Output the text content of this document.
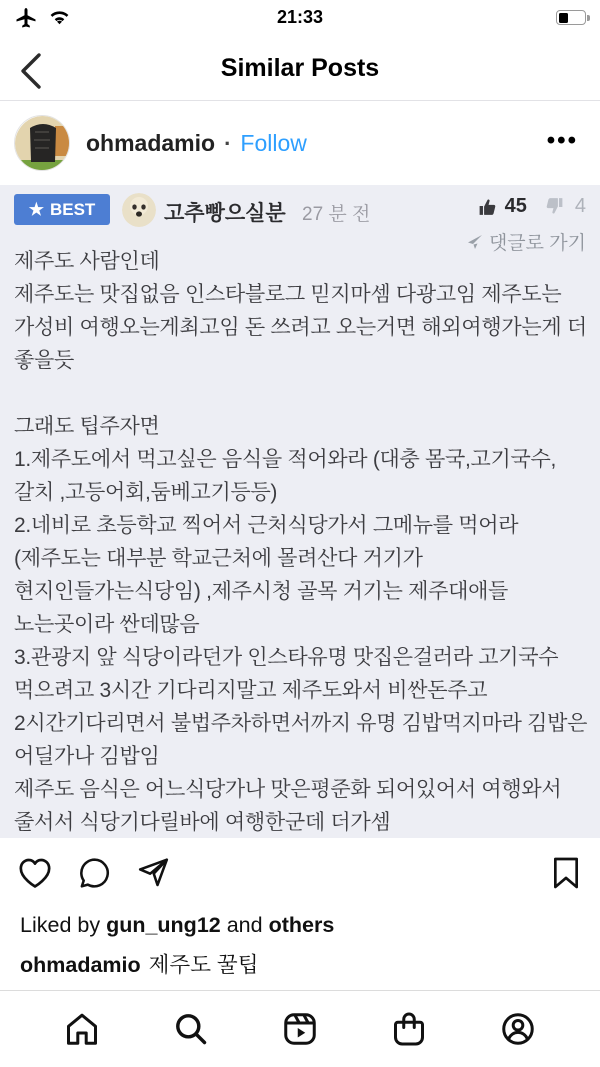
21:33
Similar Posts
ohmadamio · Follow	•••
★ BEST	고추빵으실분 27 분 전	45 4
댓글로 가기

제주도 사람인데

제주도는 맛집없음 인스타블로그 믿지마셈 다광고임 제주도는 가성비 여행오는게최고임 돈 쓰려고 오는거면 해외여행가는게 더 좋을듯

그래도 팁주자면

1.제주도에서 먹고싶은 음식을 적어와라 (대충 몸국,고기국수,갈치 ,고등어회,둠베고기등등)

2.네비로 초등학교 찍어서 근처식당가서 그메뉴를 먹어라(제주도는 대부분 학교근처에 몰려산다 거기가 현지인들가는식당임) ,제주시청 골목 거기는 제주대애들 노는곳이라 싼데많음

3.관광지 앞 식당이라던가 인스타유명 맛집은걸러라 고기국수 먹으려고 3시간 기다리지말고 제주도와서 비싼돈주고 2시간기다리면서 불법주차하면서까지 유명 김밥먹지마라 김밥은 어딜가나 김밥임

제주도 음식은 어느식당가나 맛은평준화 되어있어서 여행와서 줄서서 식당기다릴바에 여행한군데 더가셈

Liked by gun_ung12 and others
ohmadamio 제주도 꿀팁
